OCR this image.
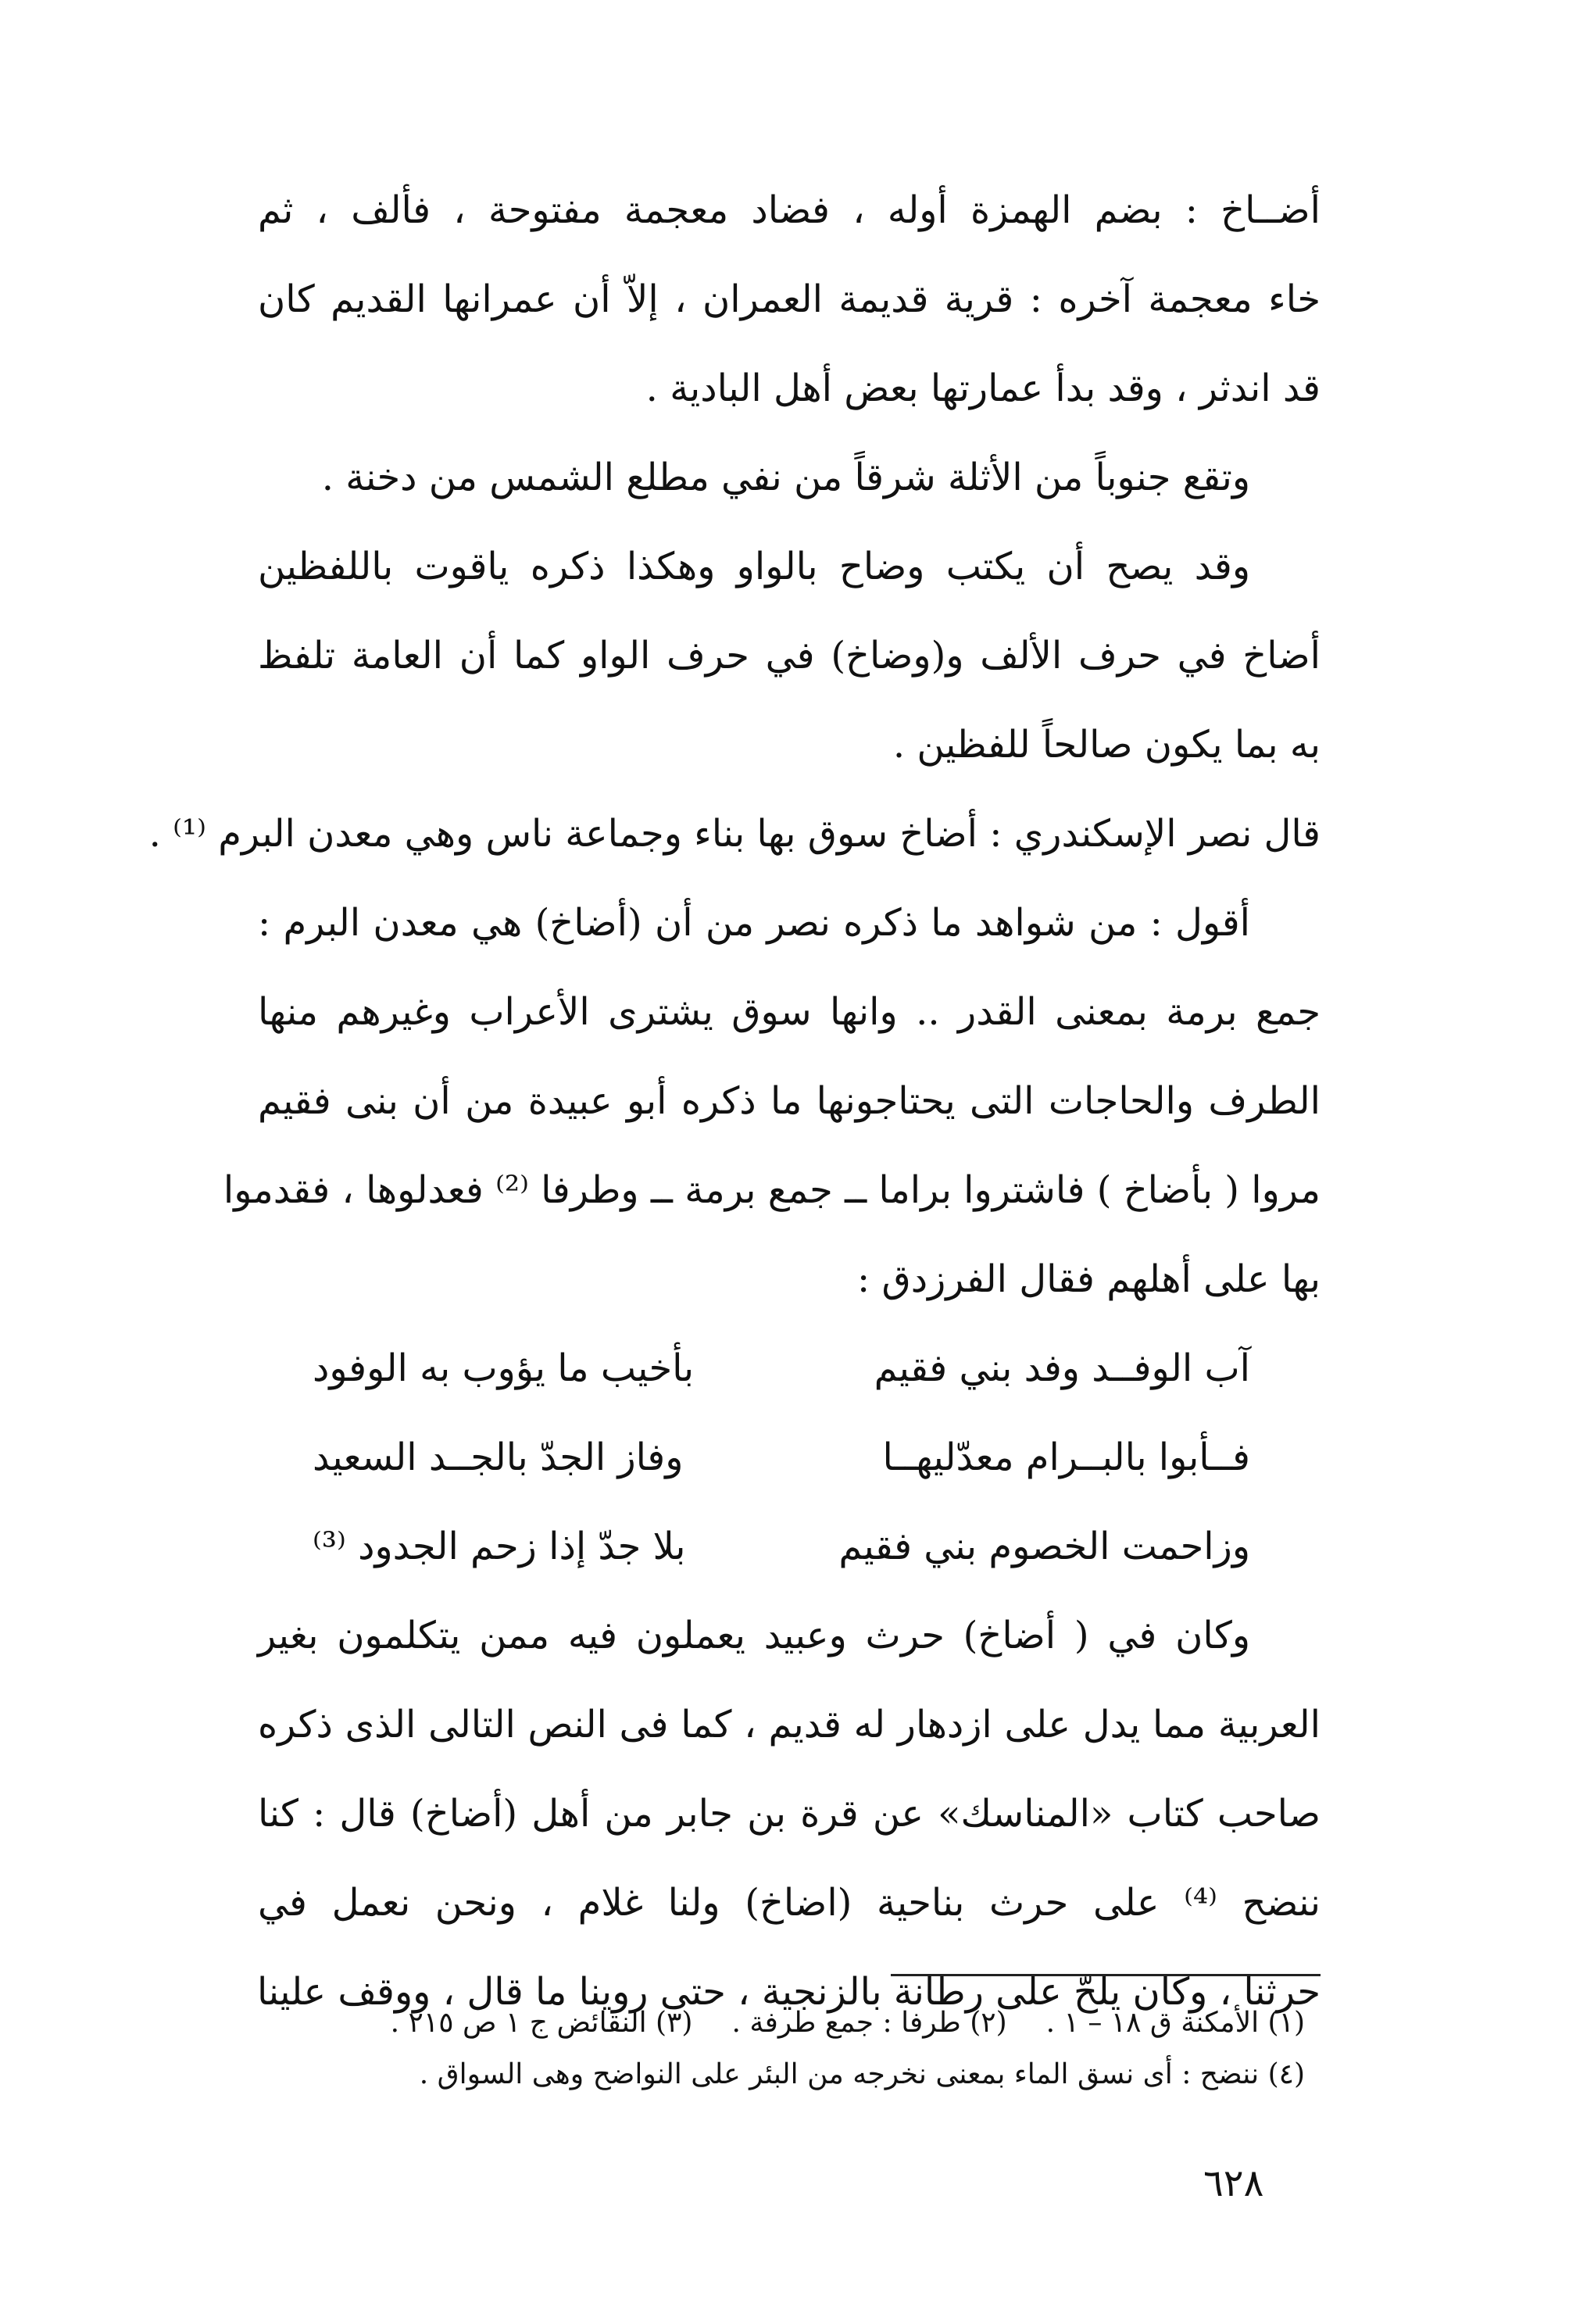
أضــاخ : بضم الهمزة أوله ، فضاد معجمة مفتوحة ، فألف ، ثم
خاء معجمة آخره : قرية قديمة العمران ، إلاّ أن عمرانها القديم كان
قد اندثر ، وقد بدأ عمارتها بعض أهل البادية .
وتقع جنوباً من الأثلة شرقاً من نفي مطلع الشمس من دخنة .
وقد يصح أن يكتب وضاح بالواو وهكذا ذكره ياقوت باللفظين
أضاخ في حرف الألف و(وضاخ) في حرف الواو كما أن العامة تلفظ
به بما يكون صالحاً للفظين .
قال نصر الإسكندري : أضاخ سوق بها بناء وجماعة ناس وهي معدن البرم ⁽¹⁾ .
أقول : من شواهد ما ذكره نصر من أن (أضاخ) هي معدن البرم :
جمع برمة بمعنى القدر .. وانها سوق يشترى الأعراب وغيرهم منها
الطرف والحاجات التى يحتاجونها ما ذكره أبو عبيدة من أن بنى فقيم
مروا ( بأضاخ ) فاشتروا براما ــ جمع برمة ــ وطرفا ⁽²⁾ فعدلوها ، فقدموا
بها على أهلهم فقال الفرزدق :
آب الوفــد وفد بني فقيم
بأخيب ما يؤوب به الوفود
فــأبوا بالبــرام معدّليهــا
وفاز الجدّ بالجــد السعيد
وزاحمت الخصوم بني فقيم
بلا جدّ إذا زحم الجدود ⁽³⁾
وكان في ( أضاخ) حرث وعبيد يعملون فيه ممن يتكلمون بغير
العربية مما يدل على ازدهار له قديم ، كما فى النص التالى الذى ذكره
صاحب كتاب «المناسك» عن قرة بن جابر من أهل (أضاخ) قال : كنا
ننضح ⁽⁴⁾ على حرث بناحية (اضاخ) ولنا غلام ، ونحن نعمل في
حرثنا ، وكان يلحّ على رطانة بالزنجية ، حتى روينا ما قال ، ووقف علينا
(١) الأمكنة ق ١٨ – ١ .
(٢) طرفا : جمع طرفة .
(٣) النقائض ج ١ ص ٢١٥ .
(٤) ننضح : أى نسق الماء بمعنى نخرجه من البئر على النواضح وهى السواق .
٦٢٨
